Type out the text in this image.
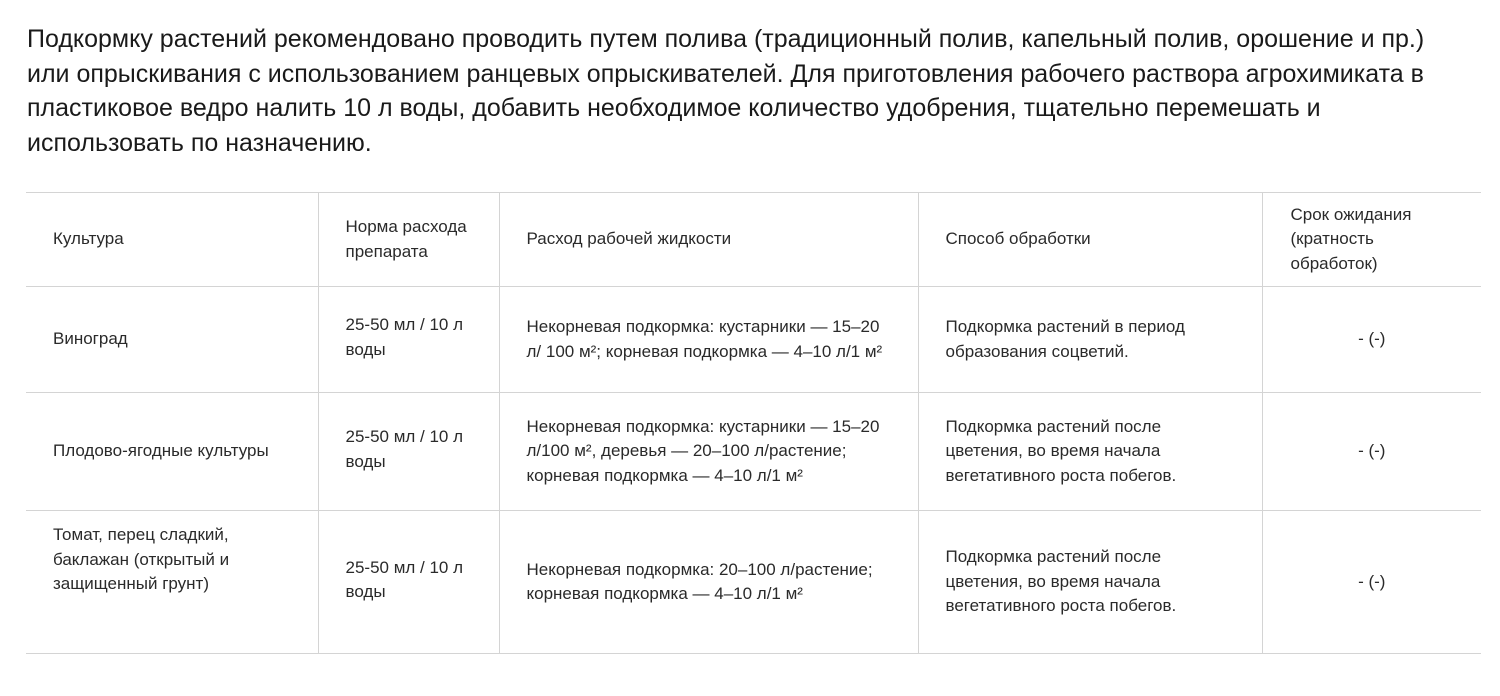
Подкормку растений рекомендовано проводить путем полива (традиционный полив, капельный полив, орошение и пр.) или опрыскивания с использованием ранцевых опрыскивателей. Для приготовления рабочего раствора агрохимиката в пластиковое ведро налить 10 л воды, добавить необходимое количество удобрения, тщательно перемешать и использовать по назначению.

Культура	Норма расхода препарата	Расход рабочей жидкости	Способ обработки	Срок ожидания (кратность обработок)
Виноград	25-50 мл / 10 л воды	Некорневая подкормка: кустарники — 15–20 л/ 100 м²; корневая подкормка — 4–10 л/1 м²	Подкормка растений в период образования соцветий.	- (-)
Плодово-ягодные культуры	25-50 мл / 10 л воды	Некорневая подкормка: кустарники — 15–20 л/100 м², деревья — 20–100 л/растение; корневая подкормка — 4–10 л/1 м²	Подкормка растений после цветения, во время начала вегетативного роста побегов.	- (-)
Томат, перец сладкий, баклажан (открытый и защищенный грунт)	25-50 мл / 10 л воды	Некорневая подкормка: 20–100 л/растение; корневая подкормка — 4–10 л/1 м²	Подкормка растений после цветения, во время начала вегетативного роста побегов.	- (-)
